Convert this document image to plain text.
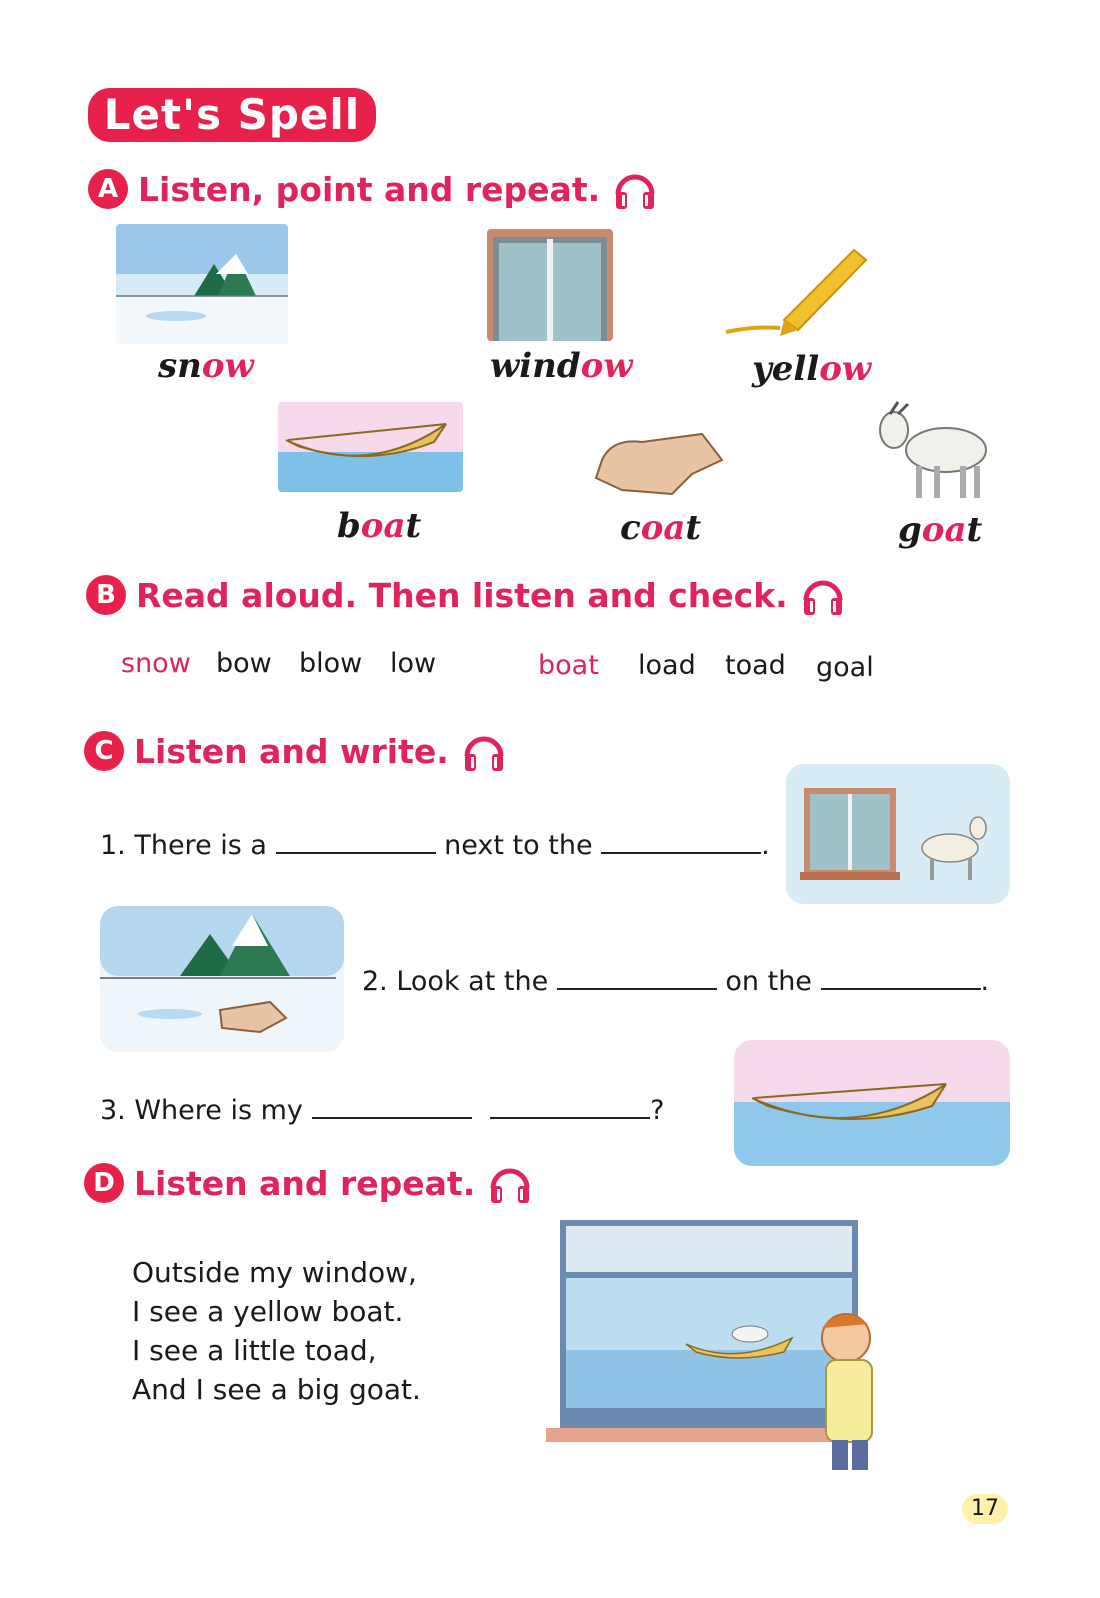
Let's Spell
A Listen, point and repeat.
snow	window	yellow
boat	coat	goat
B Read aloud. Then listen and check.
snow bow blow low	boat load toad goal
C Listen and write.
1. There is a	next to the	.
2. Look at the	on the	.
3. Where is my	?
D Listen and repeat.
Outside my window,
I see a yellow boat.
I see a little toad,
And I see a big goat.
17
